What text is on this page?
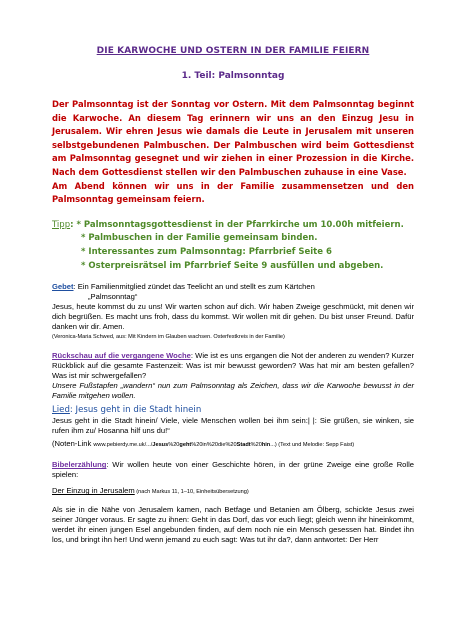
DIE KARWOCHE UND OSTERN IN DER FAMILIE FEIERN

1. Teil: Palmsonntag

Der Palmsonntag ist der Sonntag vor Ostern. Mit dem Palmsonntag beginnt die Karwoche. An diesem Tag erinnern wir uns an den Einzug Jesu in Jerusalem. Wir ehren Jesus wie damals die Leute in Jerusalem mit unseren selbstgebundenen Palmbuschen. Der Palmbuschen wird beim Gottesdienst am Palmsonntag gesegnet und wir ziehen in einer Prozession in die Kirche. Nach dem Gottesdienst stellen wir den Palmbuschen zuhause in eine Vase.

Am Abend können wir uns in der Familie zusammensetzen und den Palmsonntag gemeinsam feiern.

Tipp: * Palmsonntagsgottesdienst in der Pfarrkirche um 10.00h mitfeiern.

* Palmbuschen in der Familie gemeinsam binden.

* Interessantes zum Palmsonntag: Pfarrbrief Seite 6

* Osterpreisrätsel im Pfarrbrief Seite 9 ausfüllen und abgeben.

Gebet: Ein Familienmitglied zündet das Teelicht an und stellt es zum Kärtchen

„Palmsonntag“

Jesus, heute kommst du zu uns! Wir warten schon auf dich. Wir haben Zweige geschmückt, mit denen wir dich begrüßen. Es macht uns froh, dass du kommst. Wir wollen mit dir gehen. Du bist unser Freund. Dafür danken wir dir. Amen.

(Veronica-Maria Schwed, aus: Mit Kindern im Glauben wachsen. Osterfestkreis in der Familie)

Rückschau auf die vergangene Woche: Wie ist es uns ergangen die Not der anderen zu wenden? Kurzer Rückblick auf die gesamte Fastenzeit: Was ist mir bewusst geworden? Was hat mir am besten gefallen? Was ist mir schwergefallen?

Unsere Fußstapfen „wandern“ nun zum Palmsonntag als Zeichen, dass wir die Karwoche bewusst in der Familie mitgehen wollen.

Lied: Jesus geht in die Stadt hinein

Jesus geht in die Stadt hinein/ Viele, viele Menschen wollen bei ihm sein:| |: Sie grüßen, sie winken, sie rufen ihm zu/ Hosanna hilf uns du!“

(Noten-Link www.pebierdy.me.uk/.../Jesus%20geht%20in%20die%20Stadt%20hin...) (Text und Melodie: Sepp Faist)

Bibelerzählung: Wir wollen heute von einer Geschichte hören, in der grüne Zweige eine große Rolle spielen:

Der Einzug in Jerusalem (nach Markus 11, 1–10, Einheitsübersetzung)

Als sie in die Nähe von Jerusalem kamen, nach Betfage und Betanien am Ölberg, schickte Jesus zwei seiner Jünger voraus. Er sagte zu ihnen: Geht in das Dorf, das vor euch liegt; gleich wenn ihr hineinkommt, werdet ihr einen jungen Esel angebunden finden, auf dem noch nie ein Mensch gesessen hat. Bindet ihn los, und bringt ihn her! Und wenn jemand zu euch sagt: Was tut ihr da?, dann antwortet: Der Herr
